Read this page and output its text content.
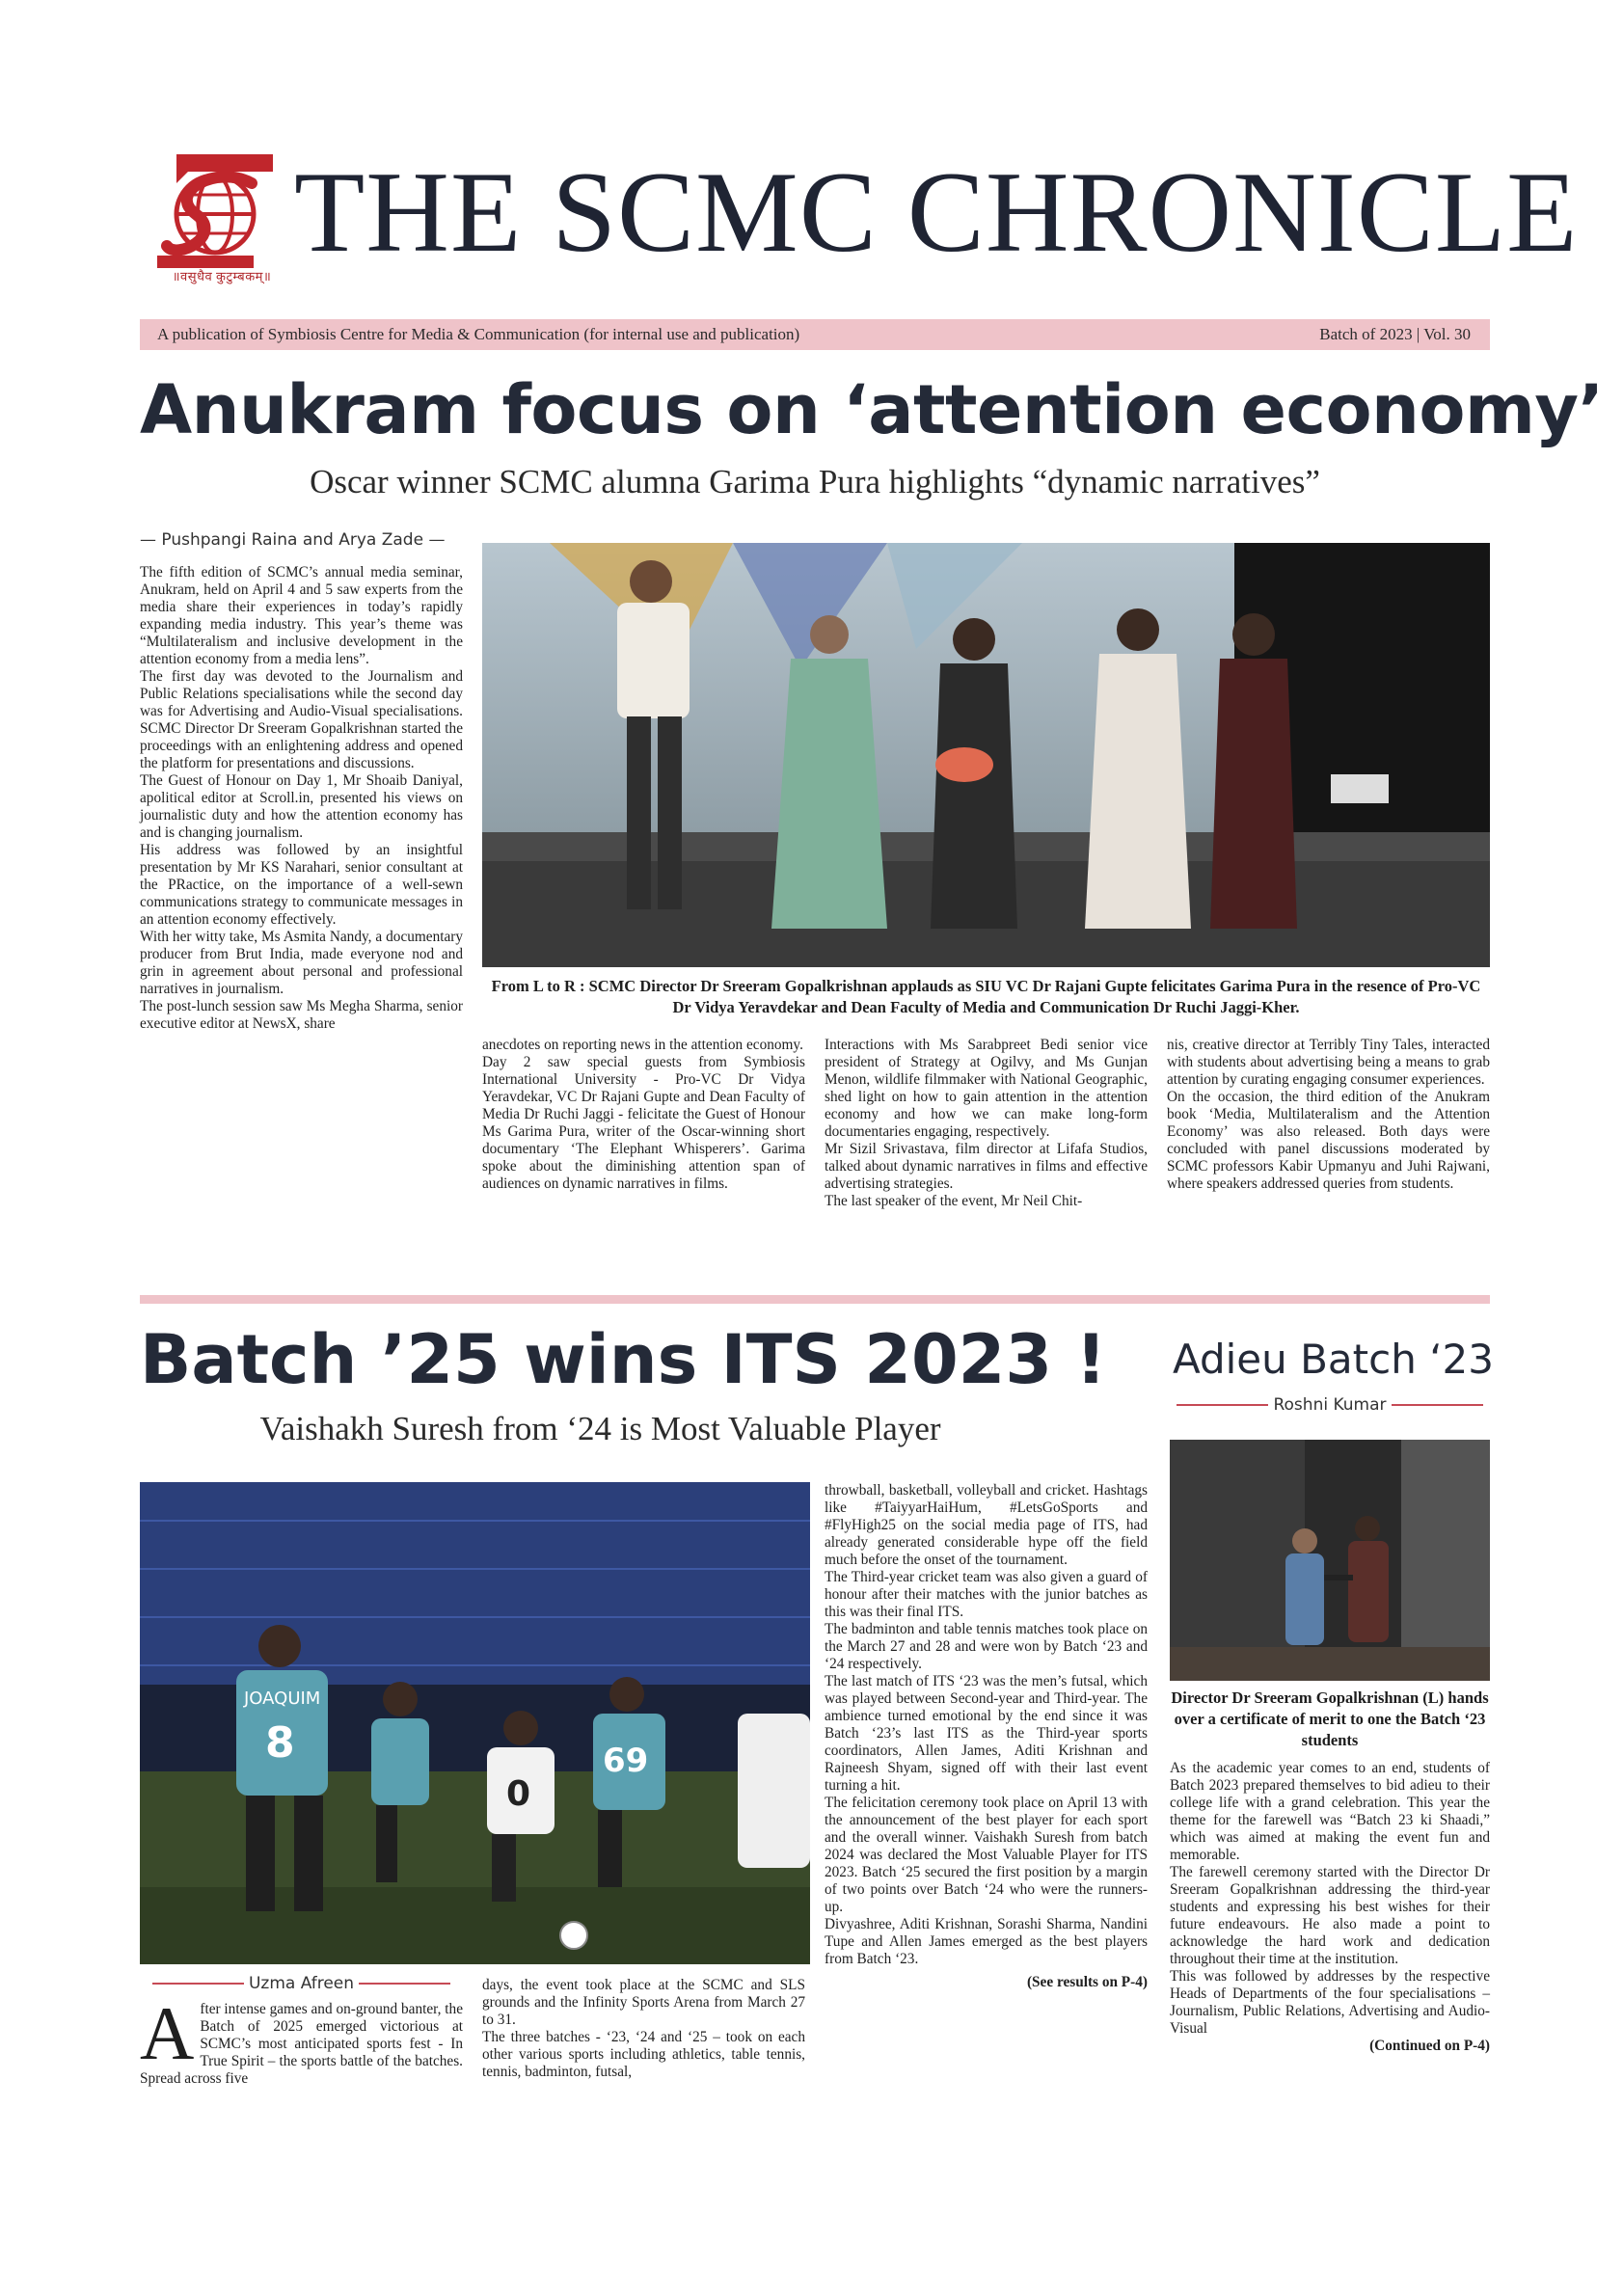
॥वसुधैव कुटुम्बकम्॥
THE SCMC CHRONICLE
A publication of Symbiosis Centre for Media & Communication (for internal use and publication)	Batch of 2023 | Vol. 30
Anukram focus on ‘attention economy’
Oscar winner SCMC alumna Garima Pura highlights “dynamic narratives”
— Pushpangi Raina and Arya Zade —

The fifth edition of SCMC’s annual media seminar, Anukram, held on April 4 and 5 saw experts from the media share their experiences in today’s rapidly expanding media industry. This year’s theme was “Multilateralism and inclusive development in the attention economy from a media lens”.

The first day was devoted to the Journalism and Public Relations specialisations while the second day was for Advertising and Audio-Visual specialisations. SCMC Director Dr Sreeram Gopalkrishnan started the proceedings with an enlightening address and opened the platform for presentations and discussions.

The Guest of Honour on Day 1, Mr Shoaib Daniyal, apolitical editor at Scroll.in, presented his views on journalistic duty and how the attention economy has and is changing journalism.

His address was followed by an insightful presentation by Mr KS Narahari, senior consultant at the PRactice, on the importance of a well-sewn communications strategy to communicate messages in an attention economy effectively.

With her witty take, Ms Asmita Nandy, a documentary producer from Brut India, made everyone nod and grin in agreement about personal and professional narratives in journalism.

The post-lunch session saw Ms Megha Sharma, senior executive editor at NewsX, share

From L to R : SCMC Director Dr Sreeram Gopalkrishnan applauds as SIU VC Dr Rajani Gupte felicitates Garima Pura in the resence of Pro-VC Dr Vidya Yeravdekar and Dean Faculty of Media and Communication Dr Ruchi Jaggi-Kher.

anecdotes on reporting news in the attention economy.

Day 2 saw special guests from Symbiosis International University - Pro-VC Dr Vidya Yeravdekar, VC Dr Rajani Gupte and Dean Faculty of Media Dr Ruchi Jaggi - felicitate the Guest of Honour Ms Garima Pura, writer of the Oscar-winning short documentary ‘The Elephant Whisperers’. Garima spoke about the diminishing attention span of audiences on dynamic narratives in films.

Interactions with Ms Sarabpreet Bedi senior vice president of Strategy at Ogilvy, and Ms Gunjan Menon, wildlife filmmaker with National Geographic, shed light on how to gain attention in the attention economy and how we can make long-form documentaries engaging, respectively.

Mr Sizil Srivastava, film director at Lifafa Studios, talked about dynamic narratives in films and effective advertising strategies.

The last speaker of the event, Mr Neil Chit-

nis, creative director at Terribly Tiny Tales, interacted with students about advertising being a means to grab attention by curating engaging consumer experiences.

On the occasion, the third edition of the Anukram book ‘Media, Multilateralism and the Attention Economy’ was also released. Both days were concluded with panel discussions moderated by SCMC professors Kabir Upmanyu and Juhi Rajwani, where speakers addressed queries from students.

Batch ’25 wins ITS 2023 !
Vaishakh Suresh from ‘24 is Most Valuable Player
JOAQUIM
8
0
69
Uzma Afreen
A fter intense games and on-ground banter, the Batch of 2025 emerged victorious at SCMC’s most anticipated sports fest - In True Spirit – the sports battle of the batches. Spread across five

days, the event took place at the SCMC and SLS grounds and the Infinity Sports Arena from March 27 to 31.

The three batches - ‘23, ‘24 and ‘25 – took on each other various sports including athletics, table tennis, tennis, badminton, futsal,

throwball, basketball, volleyball and cricket. Hashtags like #TaiyyarHaiHum, #LetsGoSports and #FlyHigh25 on the social media page of ITS, had already generated considerable hype off the field much before the onset of the tournament.

The Third-year cricket team was also given a guard of honour after their matches with the junior batches as this was their final ITS.

The badminton and table tennis matches took place on the March 27 and 28 and were won by Batch ‘23 and ‘24 respectively.

The last match of ITS ‘23 was the men’s futsal, which was played between Second-year and Third-year. The ambience turned emotional by the end since it was Batch ‘23’s last ITS as the Third-year sports coordinators, Allen James, Aditi Krishnan and Rajneesh Shyam, signed off with their last event turning a hit.

The felicitation ceremony took place on April 13 with the announcement of the best player for each sport and the overall winner. Vaishakh Suresh from batch 2024 was declared the Most Valuable Player for ITS 2023. Batch ‘25 secured the first position by a margin of two points over Batch ‘24 who were the runners-up.

Divyashree, Aditi Krishnan, Sorashi Sharma, Nandini Tupe and Allen James emerged as the best players from Batch ‘23.

(See results on P-4)

Adieu Batch ‘23
Roshni Kumar
Director Dr Sreeram Gopalkrishnan (L) hands over a certificate of merit to one the Batch ‘23 students

As the academic year comes to an end, students of Batch 2023 prepared themselves to bid adieu to their college life with a grand celebration. This year the theme for the farewell was “Batch 23 ki Shaadi,” which was aimed at making the event fun and memorable.

The farewell ceremony started with the Director Dr Sreeram Gopalkrishnan addressing the third-year students and expressing his best wishes for their future endeavours. He also made a point to acknowledge the hard work and dedication throughout their time at the institution.

This was followed by addresses by the respective Heads of Departments of the four specialisations – Journalism, Public Relations, Advertising and Audio-Visual

(Continued on P-4)
